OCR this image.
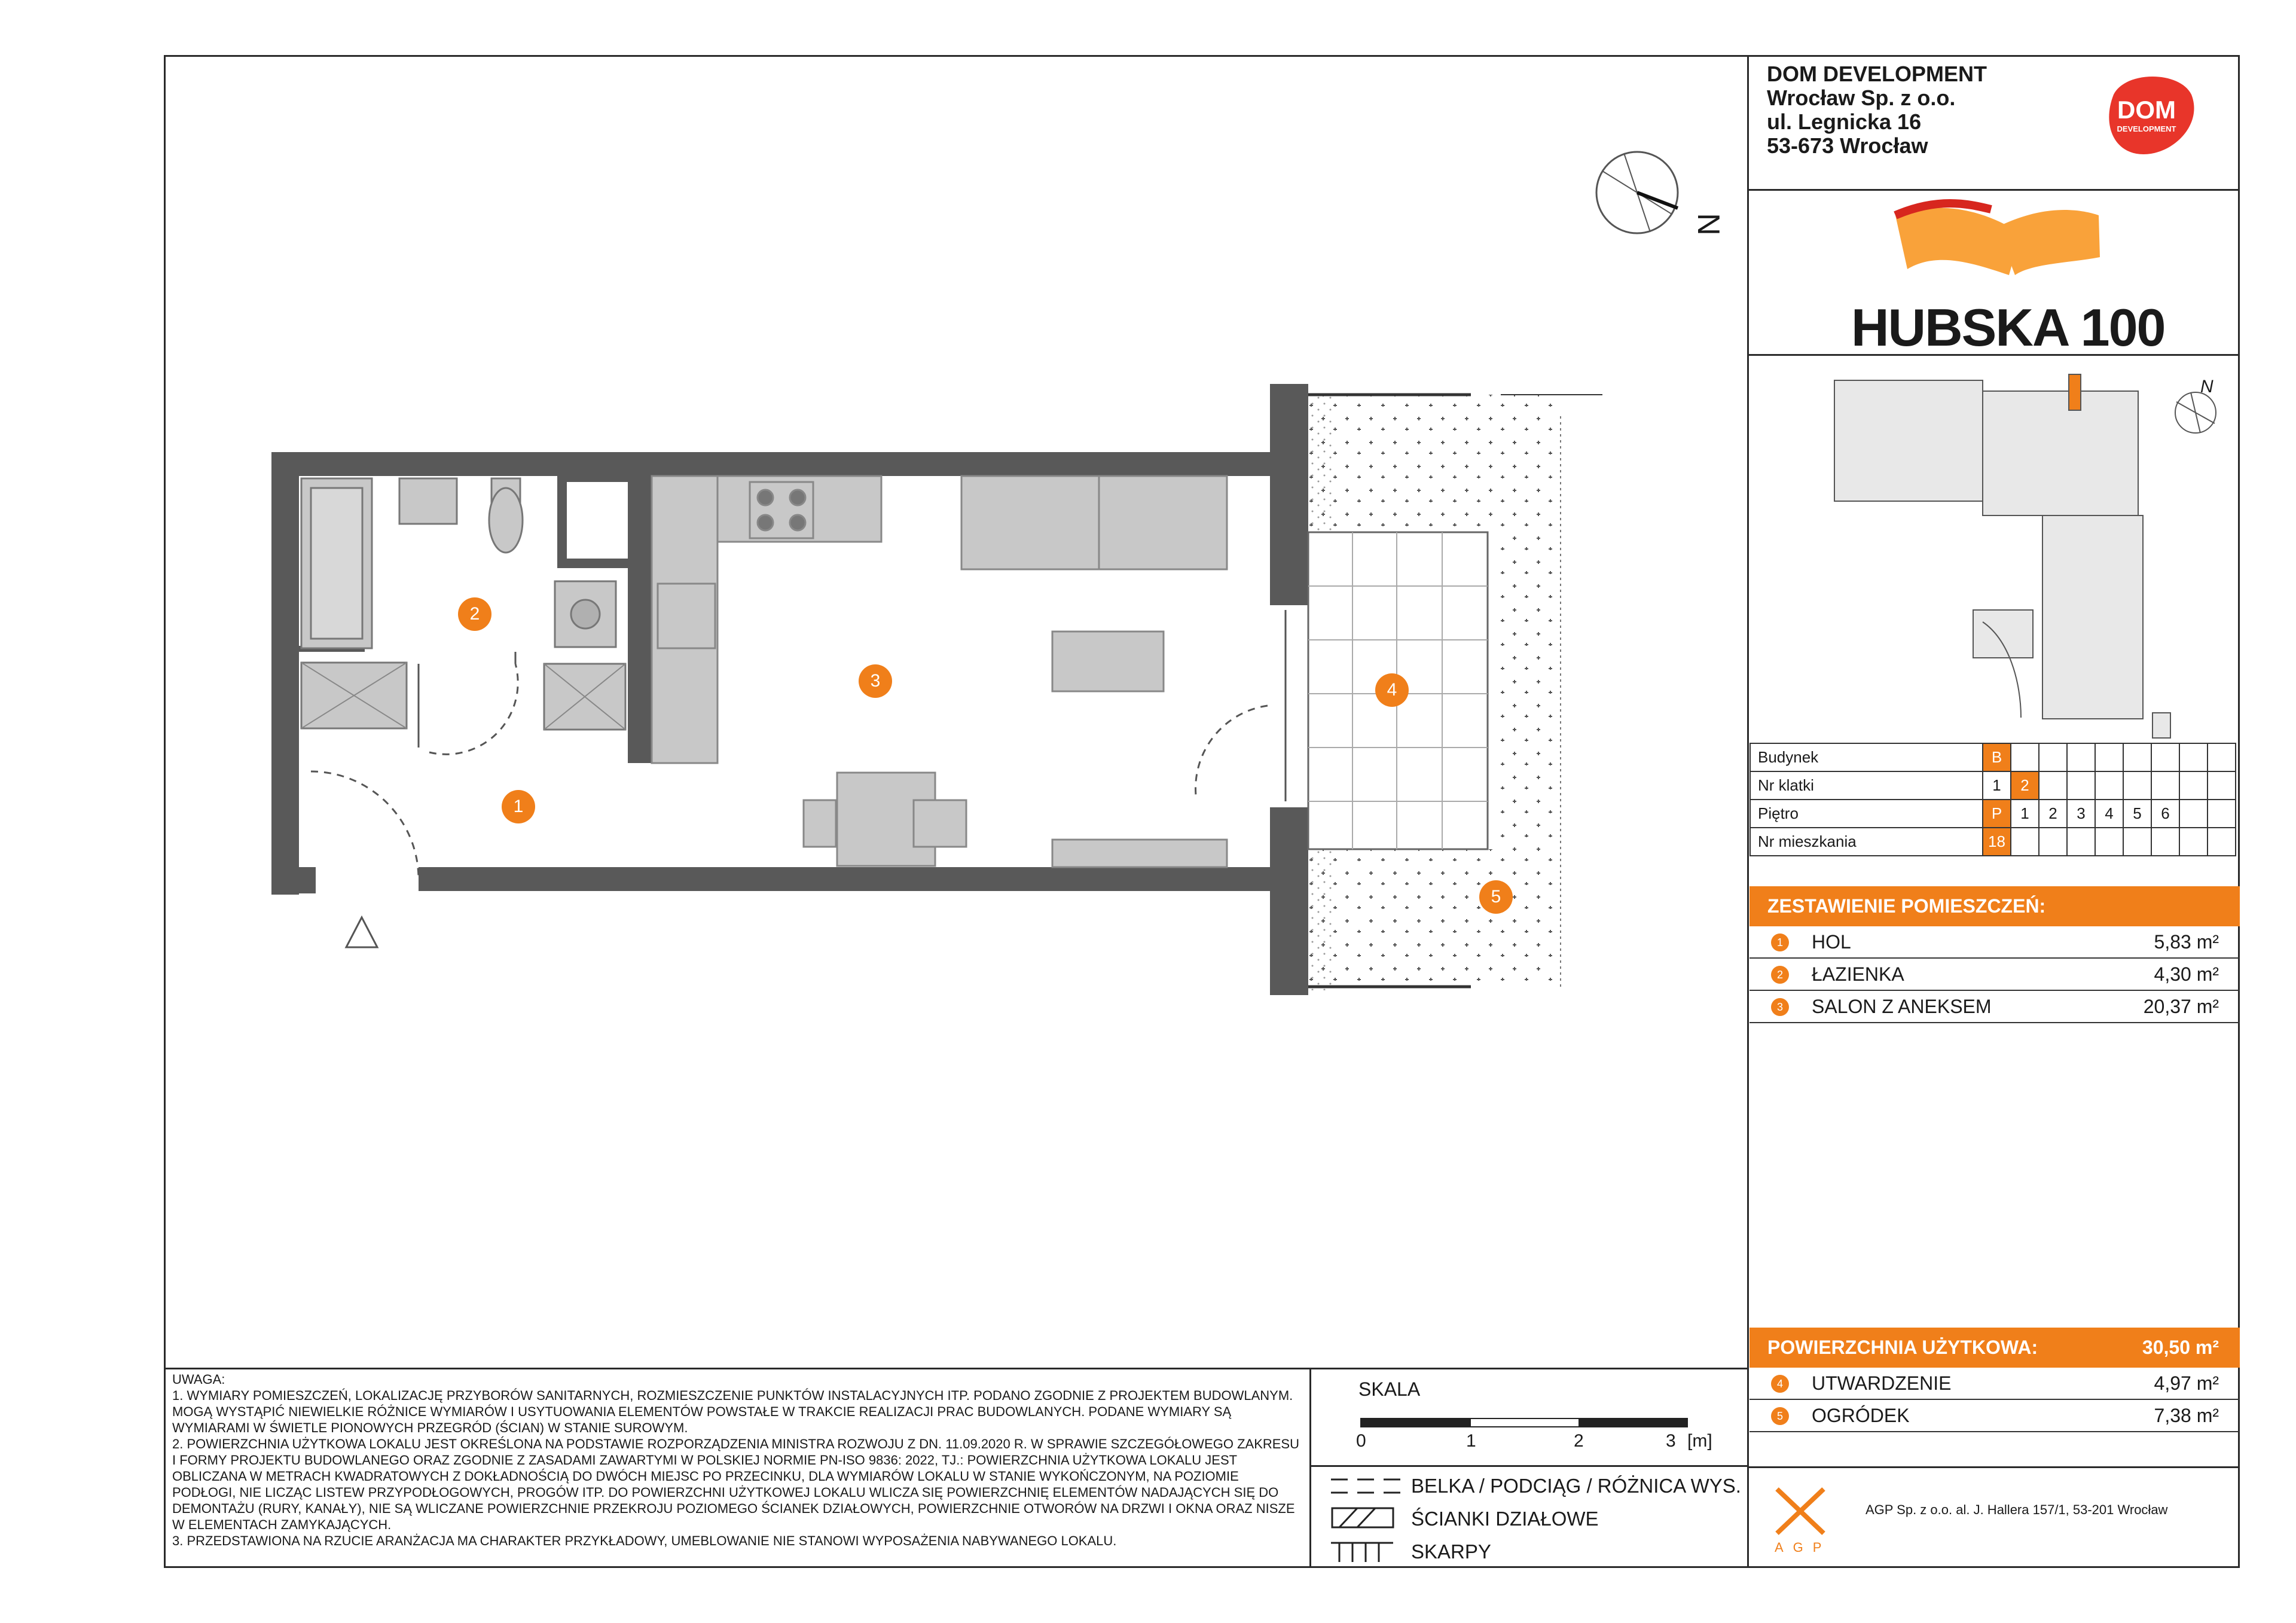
1
2
3	4
5
N
N
DOM DEVELOPMENT
Wrocław Sp. z o.o.
ul. Legnicka 16
53-673 Wrocław
DOM
DEVELOPMENT
HUBSKA 100
Budynek	B								
Nr klatki	1	2							
Piętro	P	1	2	3	4	5	6		
Nr mieszkania	18								
ZESTAWIENIE POMIESZCZEŃ:
1	HOL	5,83 m²
2	ŁAZIENKA	4,30 m²
3	SALON Z ANEKSEM	20,37 m²
POWIERZCHNIA UŻYTKOWA:	30,50 m²
4	UTWARDZENIE	4,97 m²
5	OGRÓDEK	7,38 m²
UWAGA:
1. WYMIARY POMIESZCZEŃ, LOKALIZACJĘ PRZYBORÓW SANITARNYCH, ROZMIESZCZENIE PUNKTÓW INSTALACYJNYCH ITP. PODANO ZGODNIE Z PROJEKTEM BUDOWLANYM.
MOGĄ WYSTĄPIĆ NIEWIELKIE RÓŻNICE WYMIARÓW I USYTUOWANIA ELEMENTÓW POWSTAŁE W TRAKCIE REALIZACJI PRAC BUDOWLANYCH. PODANE WYMIARY SĄ
WYMIARAMI W ŚWIETLE PIONOWYCH PRZEGRÓD (ŚCIAN) W STANIE SUROWYM.
2. POWIERZCHNIA UŻYTKOWA LOKALU JEST OKREŚLONA NA PODSTAWIE ROZPORZĄDZENIA MINISTRA ROZWOJU Z DN. 11.09.2020 R. W SPRAWIE SZCZEGÓŁOWEGO ZAKRESU
I FORMY PROJEKTU BUDOWLANEGO ORAZ ZGODNIE Z ZASADAMI ZAWARTYMI W POLSKIEJ NORMIE PN-ISO 9836: 2022, TJ.: POWIERZCHNIA UŻYTKOWA LOKALU JEST
OBLICZANA W METRACH KWADRATOWYCH Z DOKŁADNOŚCIĄ DO DWÓCH MIEJSC PO PRZECINKU, DLA WYMIARÓW LOKALU W STANIE WYKOŃCZONYM, NA POZIOMIE
PODŁOGI, NIE LICZĄC LISTEW PRZYPODŁOGOWYCH, PROGÓW ITP. DO POWIERZCHNI UŻYTKOWEJ LOKALU WLICZA SIĘ POWIERZCHNIĘ ELEMENTÓW NADAJĄCYCH SIĘ DO
DEMONTAŻU (RURY, KANAŁY), NIE SĄ WLICZANE POWIERZCHNIE PRZEKROJU POZIOMEGO ŚCIANEK DZIAŁOWYCH, POWIERZCHNIE OTWORÓW NA DRZWI I OKNA ORAZ NISZE
W ELEMENTACH ZAMYKAJĄCYCH.
3. PRZEDSTAWIONA NA RZUCIE ARANŻACJA MA CHARAKTER PRZYKŁADOWY, UMEBLOWANIE NIE STANOWI WYPOSAŻENIA NABYWANEGO LOKALU.
SKALA
0	1	2	3 [m]
BELKA / PODCIĄG / RÓŻNICA WYS.
ŚCIANKI DZIAŁOWE
SKARPY
AGP Sp. z o.o. al. J. Hallera 157/1, 53-201 Wrocław
AGP
